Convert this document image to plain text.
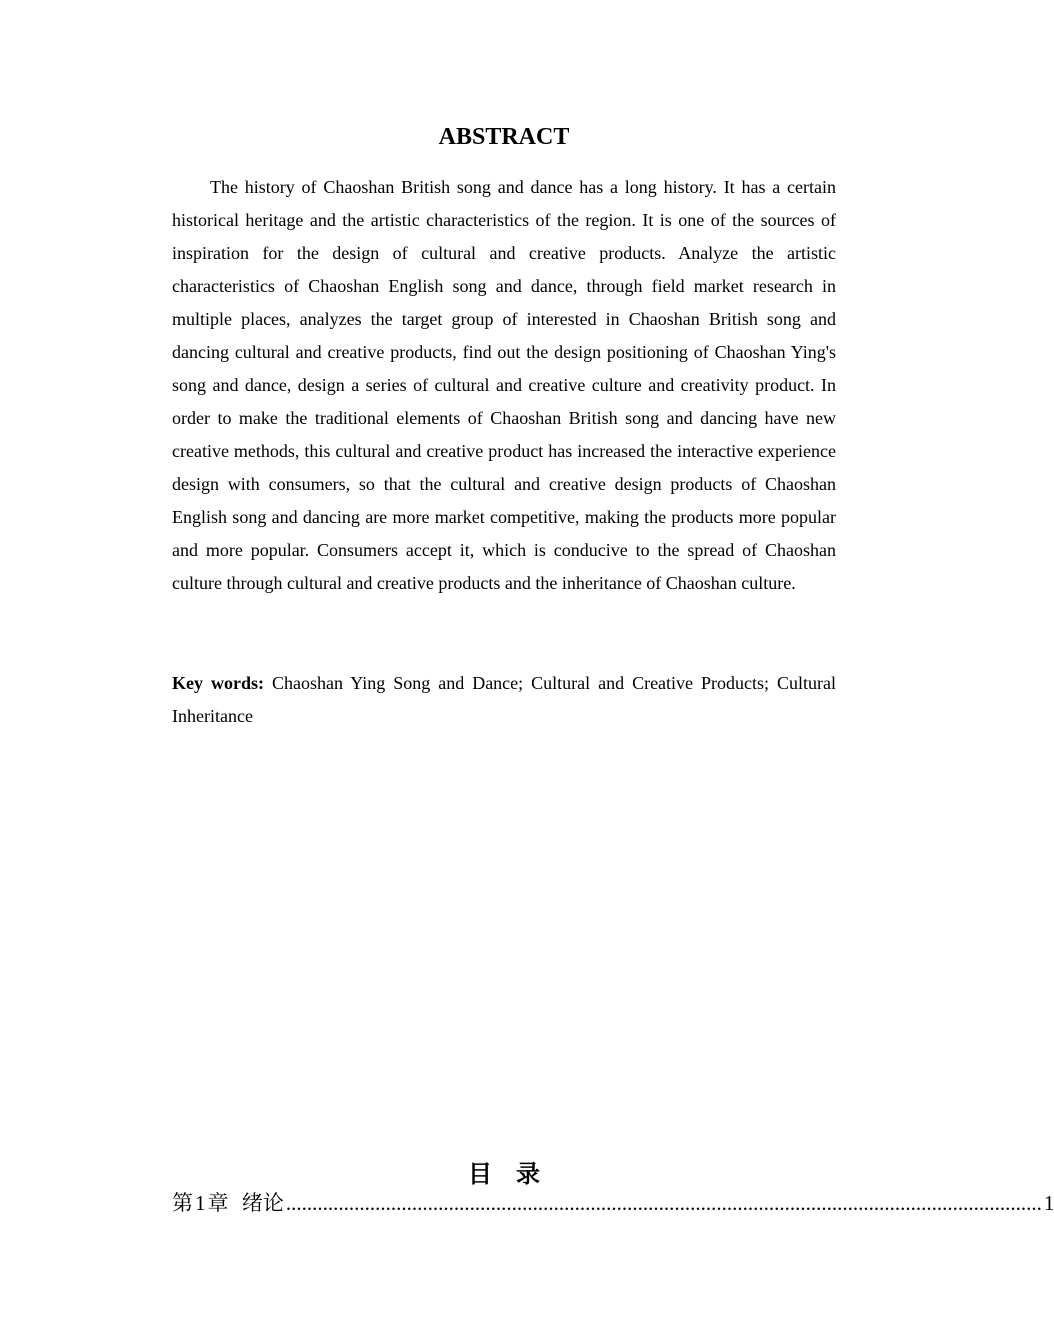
ABSTRACT

The history of Chaoshan British song and dance has a long history. It has a certain historical heritage and the artistic characteristics of the region. It is one of the sources of inspiration for the design of cultural and creative products. Analyze the artistic characteristics of Chaoshan English song and dance, through field market research in multiple places, analyzes the target group of interested in Chaoshan British song and dancing cultural and creative products, find out the design positioning of Chaoshan Ying's song and dance, design a series of cultural and creative culture and creativity product. In order to make the traditional elements of Chaoshan British song and dancing have new creative methods, this cultural and creative product has increased the interactive experience design with consumers, so that the cultural and creative design products of Chaoshan English song and dancing are more market competitive, making the products more popular and more popular. Consumers accept it, which is conducive to the spread of Chaoshan culture through cultural and creative products and the inheritance of Chaoshan culture.

Key words: Chaoshan Ying Song and Dance; Cultural and Creative Products; Cultural Inheritance

目录
第1章 绪论 ................................................................................................................................................ 1
